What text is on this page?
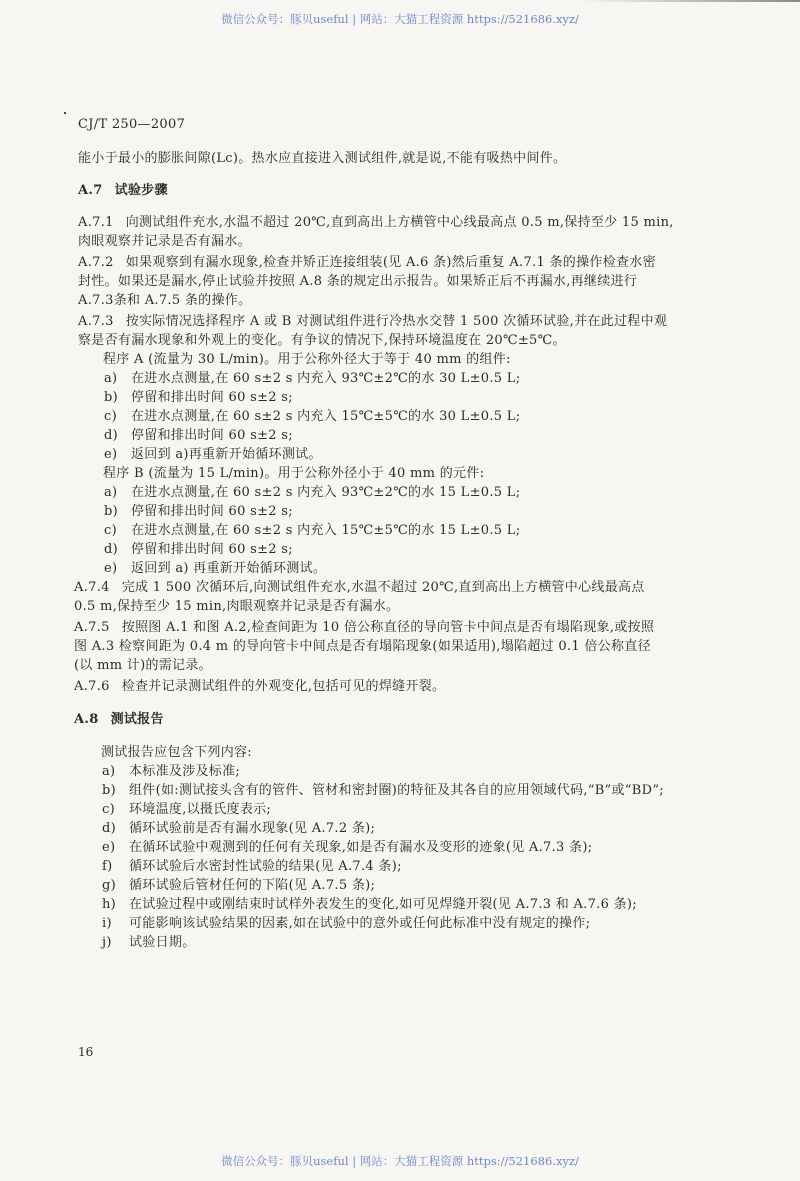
微信公众号：豚贝useful | 网站：大猫工程资源 https://521686.xyz/
CJ/T 250—2007
能小于最小的膨胀间隙(Lc)。热水应直接进入测试组件,就是说,不能有吸热中间件。
A.7 试验步骤
A.7.1 向测试组件充水,水温不超过 20℃,直到高出上方横管中心线最高点 0.5 m,保持至少 15 min,
肉眼观察并记录是否有漏水。
A.7.2 如果观察到有漏水现象,检查并矫正连接组装(见 A.6 条)然后重复 A.7.1 条的操作检查水密
封性。如果还是漏水,停止试验并按照 A.8 条的规定出示报告。如果矫正后不再漏水,再继续进行
A.7.3条和 A.7.5 条的操作。
A.7.3 按实际情况选择程序 A 或 B 对测试组件进行冷热水交替 1 500 次循环试验,并在此过程中观
察是否有漏水现象和外观上的变化。有争议的情况下,保持环境温度在 20℃±5℃。
程序 A (流量为 30 L/min)。用于公称外径大于等于 40 mm 的组件:
a) 在进水点测量,在 60 s±2 s 内充入 93℃±2℃的水 30 L±0.5 L;
b) 停留和排出时间 60 s±2 s;
c) 在进水点测量,在 60 s±2 s 内充入 15℃±5℃的水 30 L±0.5 L;
d) 停留和排出时间 60 s±2 s;
e) 返回到 a)再重新开始循环测试。
程序 B (流量为 15 L/min)。用于公称外径小于 40 mm 的元件:
a) 在进水点测量,在 60 s±2 s 内充入 93℃±2℃的水 15 L±0.5 L;
b) 停留和排出时间 60 s±2 s;
c) 在进水点测量,在 60 s±2 s 内充入 15℃±5℃的水 15 L±0.5 L;
d) 停留和排出时间 60 s±2 s;
e) 返回到 a) 再重新开始循环测试。
A.7.4 完成 1 500 次循环后,向测试组件充水,水温不超过 20℃,直到高出上方横管中心线最高点
0.5 m,保持至少 15 min,肉眼观察并记录是否有漏水。
A.7.5 按照图 A.1 和图 A.2,检查间距为 10 倍公称直径的导向管卡中间点是否有塌陷现象,或按照
图 A.3 检察间距为 0.4 m 的导向管卡中间点是否有塌陷现象(如果适用),塌陷超过 0.1 倍公称直径
(以 mm 计)的需记录。
A.7.6 检查并记录测试组件的外观变化,包括可见的焊缝开裂。
A.8 测试报告
测试报告应包含下列内容:
a) 本标准及涉及标准;
b) 组件(如:测试接头含有的管件、管材和密封圈)的特征及其各自的应用领域代码,“B”或“BD”;
c) 环境温度,以摄氏度表示;
d) 循环试验前是否有漏水现象(见 A.7.2 条);
e) 在循环试验中观测到的任何有关现象,如是否有漏水及变形的迹象(见 A.7.3 条);
f) 循环试验后水密封性试验的结果(见 A.7.4 条);
g) 循环试验后管材任何的下陷(见 A.7.5 条);
h) 在试验过程中或刚结束时试样外表发生的变化,如可见焊缝开裂(见 A.7.3 和 A.7.6 条);
i) 可能影响该试验结果的因素,如在试验中的意外或任何此标准中没有规定的操作;
j) 试验日期。
16
微信公众号：豚贝useful | 网站：大猫工程资源 https://521686.xyz/
